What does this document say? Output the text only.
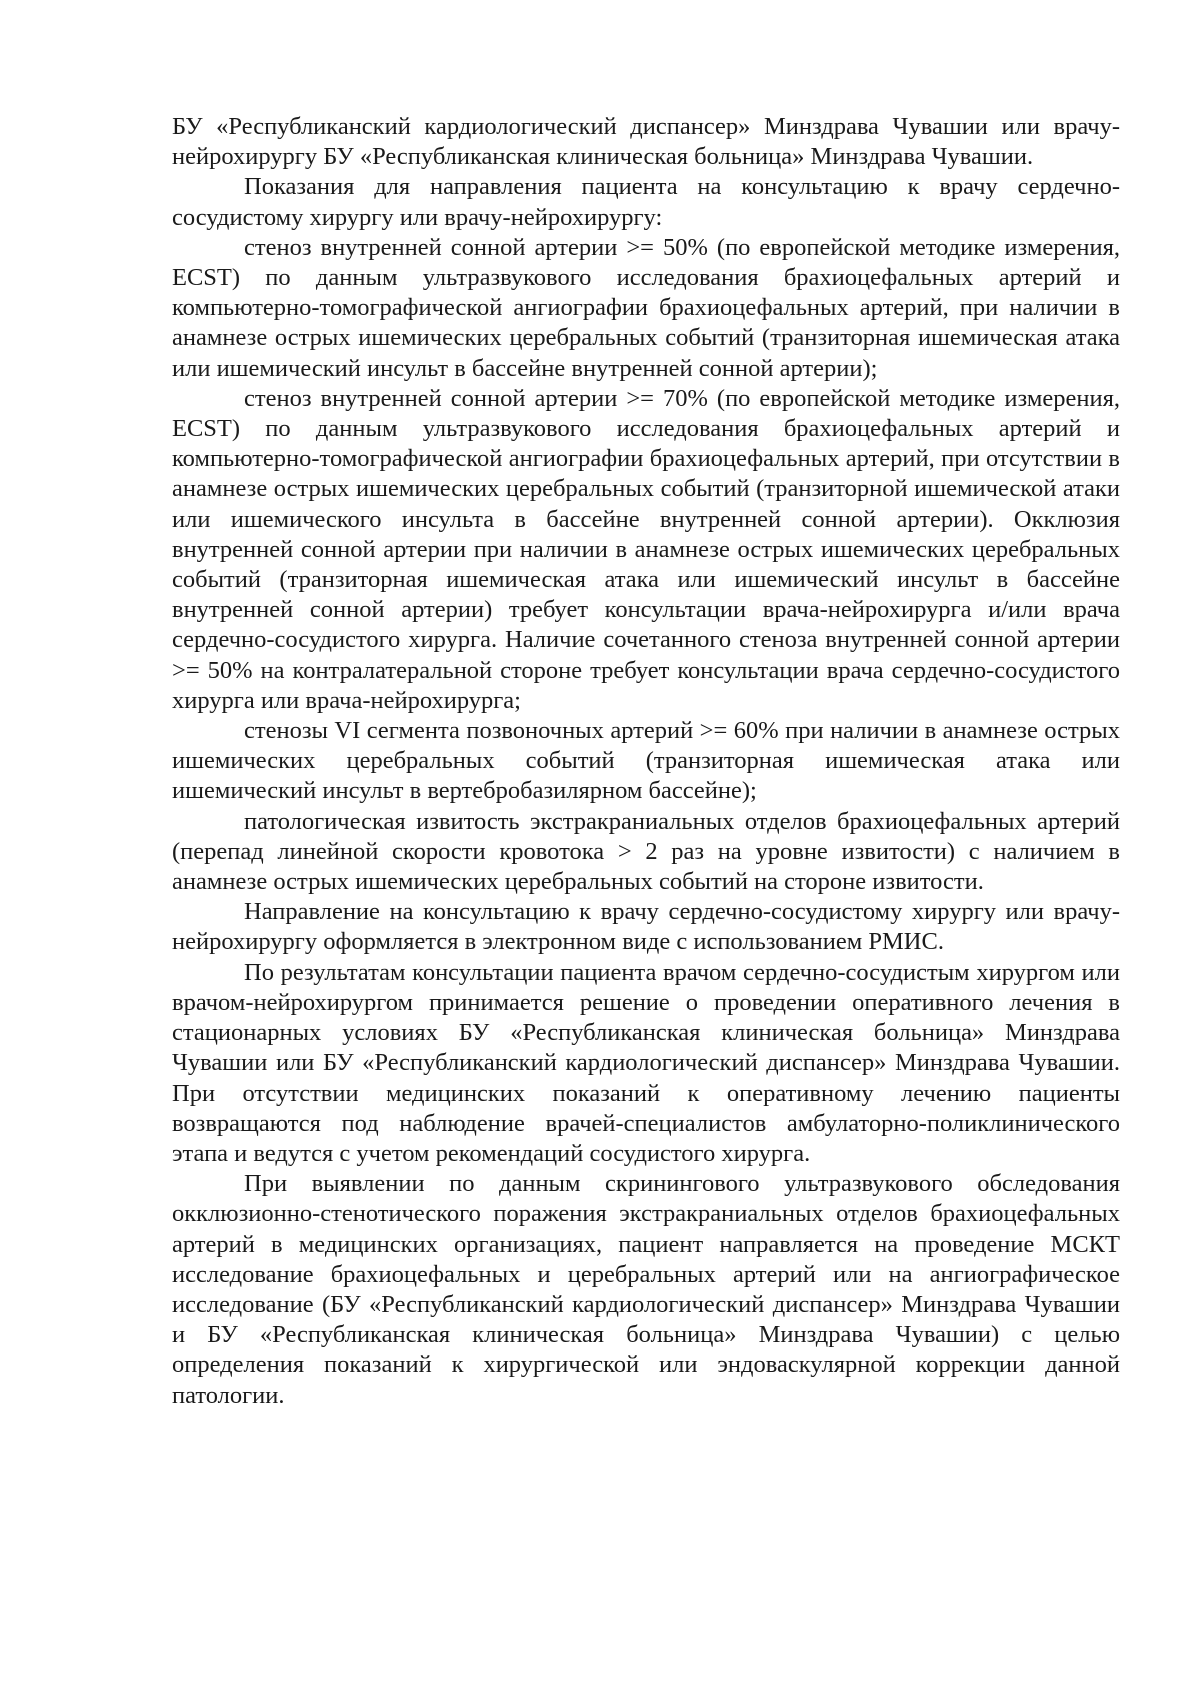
БУ «Республиканский кардиологический диспансер» Минздрава Чувашии или врачу-нейрохирургу БУ «Республиканская клиническая больница» Минздрава Чувашии.

Показания для направления пациента на консультацию к врачу сердечно-сосудистому хирургу или врачу-нейрохирургу:

стеноз внутренней сонной артерии >= 50% (по европейской методике измерения, ECST) по данным ультразвукового исследования брахиоцефальных артерий и компьютерно-томографической ангиографии брахиоцефальных артерий, при наличии в анамнезе острых ишемических церебральных событий (транзиторная ишемическая атака или ишемический инсульт в бассейне внутренней сонной артерии);

стеноз внутренней сонной артерии >= 70% (по европейской методике измерения, ECST) по данным ультразвукового исследования брахиоцефальных артерий и компьютерно-томографической ангиографии брахиоцефальных артерий, при отсутствии в анамнезе острых ишемических церебральных событий (транзиторной ишемической атаки или ишемического инсульта в бассейне внутренней сонной артерии). Окклюзия внутренней сонной артерии при наличии в анамнезе острых ишемических церебральных событий (транзиторная ишемическая атака или ишемический инсульт в бассейне внутренней сонной артерии) требует консультации врача-нейрохирурга и/или врача сердечно-сосудистого хирурга. Наличие сочетанного стеноза внутренней сонной артерии >= 50% на контралатеральной стороне требует консультации врача сердечно-сосудистого хирурга или врача-нейрохирурга;

стенозы VI сегмента позвоночных артерий >= 60% при наличии в анамнезе острых ишемических церебральных событий (транзиторная ишемическая атака или ишемический инсульт в вертебробазилярном бассейне);

патологическая извитость экстракраниальных отделов брахиоцефальных артерий (перепад линейной скорости кровотока > 2 раз на уровне извитости) с наличием в анамнезе острых ишемических церебральных событий на стороне извитости.

Направление на консультацию к врачу сердечно-сосудистому хирургу или врачу-нейрохирургу оформляется в электронном виде с использованием РМИС.

По результатам консультации пациента врачом сердечно-сосудистым хирургом или врачом-нейрохирургом принимается решение о проведении оперативного лечения в стационарных условиях БУ «Республиканская клиническая больница» Минздрава Чувашии или БУ «Республиканский кардиологический диспансер» Минздрава Чувашии. При отсутствии медицинских показаний к оперативному лечению пациенты возвращаются под наблюдение врачей-специалистов амбулаторно-поликлинического этапа и ведутся с учетом рекомендаций сосудистого хирурга.

При выявлении по данным скринингового ультразвукового обследования окклюзионно-стенотического поражения экстракраниальных отделов брахиоцефальных артерий в медицинских организациях, пациент направляется на проведение МСКТ исследование брахиоцефальных и церебральных артерий или на ангиографическое исследование (БУ «Республиканский кардиологический диспансер» Минздрава Чувашии и БУ «Республиканская клиническая больница» Минздрава Чувашии) с целью определения показаний к хирургической или эндоваскулярной коррекции данной патологии.
